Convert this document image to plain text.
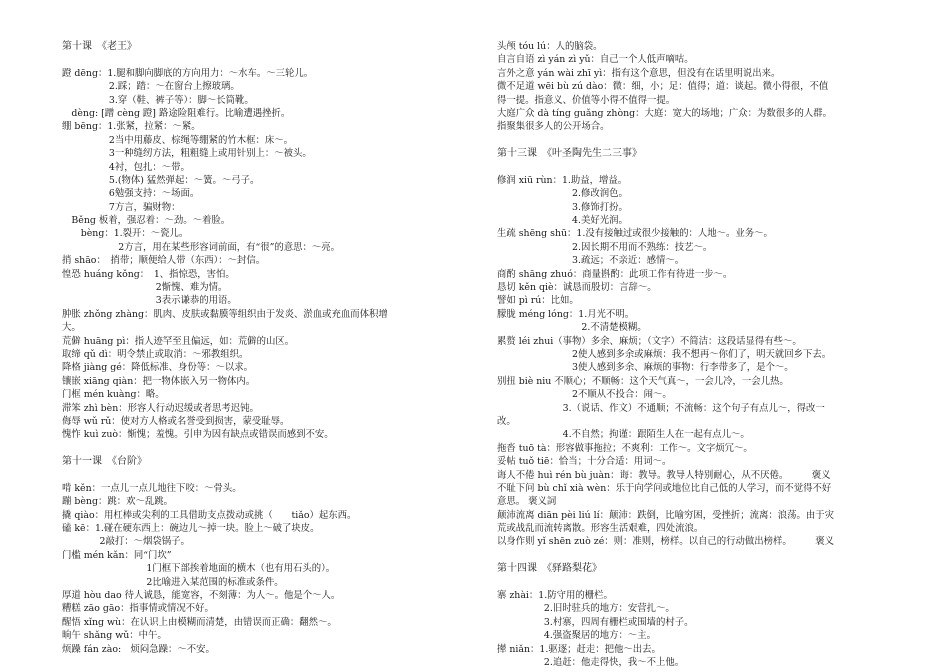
第十课　《老王》
蹬 dēng：1.腿和脚向脚底的方向用力：～水车。～三轮儿。
　　　　　2.踩；踏：～在窗台上擦玻璃。
　　　　　3.穿（鞋、裤子等）：脚～长筒靴。
　dèng: [蹭 cèng 蹬] 路途险阻难行。比喻遭遇挫折。
绷 bēng：1.张紧，拉紧：～紧。
　　　　　2当中用藤皮、棕绳等绷紧的竹木框：床～。
　　　　　3一种缝纫方法，粗粗缝上或用针别上：～被头。
　　　　　4衬，包扎：～带。
　　　　　5.(物体) 猛然弹起：～簧。～弓子。
　　　　　6勉强支持：～场面。
　　　　　7方言，骗财物：
　Běng 板着，强忍着：～劲。～着脸。
　　bèng：1.裂开：～瓷儿。
　　　　　　2方言，用在某些形容词前面，有“很”的意思：～亮。
捎 shāo：　捎带；顺便给人带（东西）：～封信。
惶恐 huáng kǒng：　1、指惊恐，害怕。
　　　　　　　　　　2惭愧、难为情。
　　　　　　　　　　3表示谦恭的用语。
肿胀 zhǒng zhàng：肌肉、皮肤或黏膜等组织由于发炎、淤血或充血而体积增
大。
荒僻 huāng pì：指人迹罕至且偏远，如：荒僻的山区。
取缔 qǔ dì：明令禁止或取消：～邪教组织。
降格 jiàng gé：降低标准、身份等：～以求。
镶嵌 xiāng qiàn：把一物体嵌入另一物体内。
门框 mén kuàng：略。
滞笨 zhì bèn：形容人行动迟缓或者思考迟钝。
侮辱 wǔ rǔ：使对方人格或名誉受到损害，蒙受耻辱。
愧怍 kuì zuò：惭愧；羞愧。引申为因有缺点或错误而感到不安。
第十一课　《台阶》
啃 kěn：一点儿一点儿地往下咬：～骨头。
蹦 bèng：跳：欢～乱跳。
撬 qiào：用杠棒或尖利的工具借助支点拨动或挑（　　tiǎo）起东西。
磕 kē：1.碰在硬东西上：碗边儿～掉一块。脸上～破了块皮。
　　　　2敲打：～烟袋锅子。
门槛 mén kǎn：同“门坎”
　　　　　　　　　1门框下部挨着地面的横木（也有用石头的）。
　　　　　　　　　2比喻进入某范围的标准或条件。
厚道 hòu dao 待人诚恳，能宽容，不刻薄：为人～。他是个～人。
糟糕 zāo gāo：指事情或情况不好。
醒悟 xǐng wù：在认识上由模糊而清楚，由错误而正确：翻然～。
晌午 shǎng wǔ：中午。
烦躁 fán zào:　烦闷急躁：～不安。
头颅 tóu lú：人的脑袋。
自言自语 zì yán zì yǔ：自己一个人低声嘀咕。
言外之意 yán wài zhī yì：指有这个意思，但没有在话里明说出来。
微不足道 wēi bù zú dào：微：细，小；足：值得；道：谈起。微小得很，不值
得一提。指意义、价值等小得不值得一提。
大庭广众 dà tíng guǎng zhòng：大庭：宽大的场地；广众：为数很多的人群。
指聚集很多人的公开场合。
第十三课　《叶圣陶先生二三事》
修润 xiū rùn：1.助益，增益。
　　　　　　　　2.修改润色。
　　　　　　　　3.修饰打扮。
　　　　　　　　4.美好光润。
生疏 shēng shū：1.没有接触过或很少接触的：人地～。业务～。
　　　　　　　　2.因长期不用而不熟练：技艺～。
　　　　　　　　3.疏远；不亲近：感情～。
商酌 shāng zhuó：商量斟酌：此项工作有待进一步～。
恳切 kěn qiè：诚恳而殷切：言辞～。
譬如 pì rú：比如。
朦胧 méng lóng：1.月光不明。
　　　　　　　　　2.不清楚模糊。
累赘 léi zhui（事物）多余、麻烦；（文字）不简洁：这段话显得有些～。
　　　　　　　　2使人感到多余或麻烦：我不想再～你们了，明天就回乡下去。
　　　　　　　　3使人感到多余、麻烦的事物：行李带多了，是个～。
别扭 biè niu 不顺心；不顺畅：这个天气真～，一会儿冷，一会儿热。
　　　　　　　　2不顺从不投合：闹～。
　　　　　　　3.（说话、作文）不通顺；不流畅：这个句子有点儿～，得改一
改。
　　　　　　　4.不自然；拘谨：跟陌生人在一起有点儿～。
拖沓 tuō tà：形容做事拖拉；不爽利：工作～。文字烦冗～。
妥帖 tuǒ tiē：恰当；十分合适：用词～。
诲人不倦 huì rén bù juàn：诲：教导。教导人特别耐心，从不厌倦。　　　褒义
不耻下问 bù chǐ xià wèn：乐于向学问或地位比自己低的人学习，而不觉得不好
意思。 褒义詞
颠沛流离 diān pèi liú lí：颠沛：跌倒，比喻穷困，受挫折；流离：浪荡。由于灾
荒或战乱而流转离散。形容生活艰难，四处流浪。
以身作则 yǐ shēn zuò zé：则：准则，榜样。以自己的行动做出榜样。　　　褒义
第十四课　《驿路梨花》
寨 zhài：1.防守用的栅栏。
　　　　　2.旧时驻兵的地方：安营扎～。
　　　　　3.村寨，四周有栅栏或围墙的村子。
　　　　　4.强盗聚居的地方：～主。
撵 niǎn：1.驱逐；赶走：把他～出去。
　　　　　2.追赶：他走得快，我～不上他。
